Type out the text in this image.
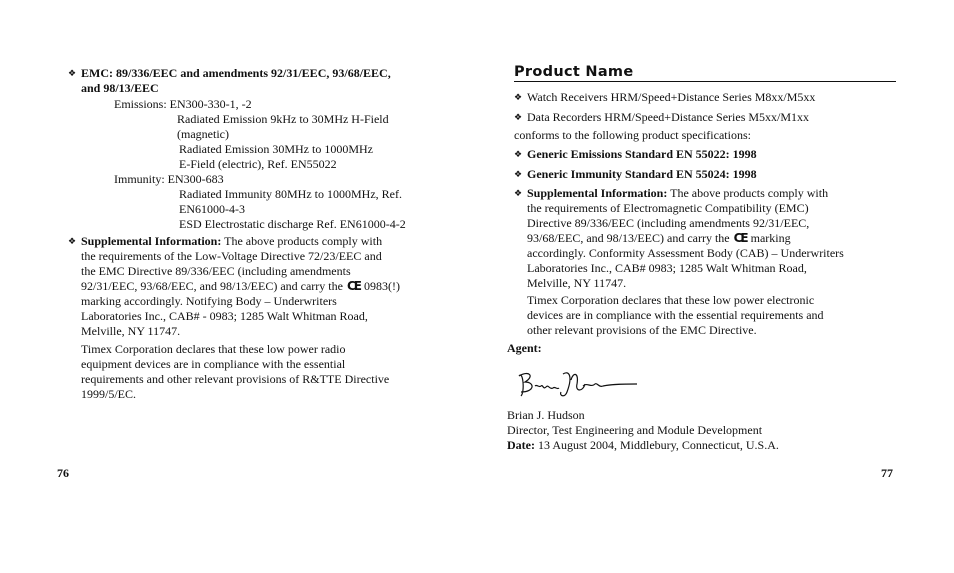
❖ EMC: 89/336/EEC and amendments 92/31/EEC, 93/68/EEC,
and 98/13/EEC
Emissions: EN300-330-1, -2
Radiated Emission 9kHz to 30MHz H-Field
(magnetic)
Radiated Emission 30MHz to 1000MHz
E-Field (electric), Ref. EN55022
Immunity: EN300-683
Radiated Immunity 80MHz to 1000MHz, Ref.
EN61000-4-3
ESD Electrostatic discharge Ref. EN61000-4-2
❖ Supplemental Information: The above products comply with
the requirements of the Low-Voltage Directive 72/23/EEC and
the EMC Directive 89/336/EEC (including amendments
92/31/EEC, 93/68/EEC, and 98/13/EEC) and carry the CE 0983(!)
marking accordingly. Notifying Body – Underwriters
Laboratories Inc., CAB# - 0983; 1285 Walt Whitman Road,
Melville, NY 11747.
Timex Corporation declares that these low power radio
equipment devices are in compliance with the essential
requirements and other relevant provisions of R&TTE Directive
1999/5/EC.
76
Product Name
❖ Watch Receivers HRM/Speed+Distance Series M8xx/M5xx
❖ Data Recorders HRM/Speed+Distance Series M5xx/M1xx
conforms to the following product specifications:
❖ Generic Emissions Standard EN 55022: 1998
❖ Generic Immunity Standard EN 55024: 1998
❖ Supplemental Information: The above products comply with
the requirements of Electromagnetic Compatibility (EMC)
Directive 89/336/EEC (including amendments 92/31/EEC,
93/68/EEC, and 98/13/EEC) and carry the CE marking
accordingly. Conformity Assessment Body (CAB) – Underwriters
Laboratories Inc., CAB# 0983; 1285 Walt Whitman Road,
Melville, NY 11747.
Timex Corporation declares that these low power electronic
devices are in compliance with the essential requirements and
other relevant provisions of the EMC Directive.
Agent:
Brian J. Hudson
Director, Test Engineering and Module Development
Date: 13 August 2004, Middlebury, Connecticut, U.S.A.
77
